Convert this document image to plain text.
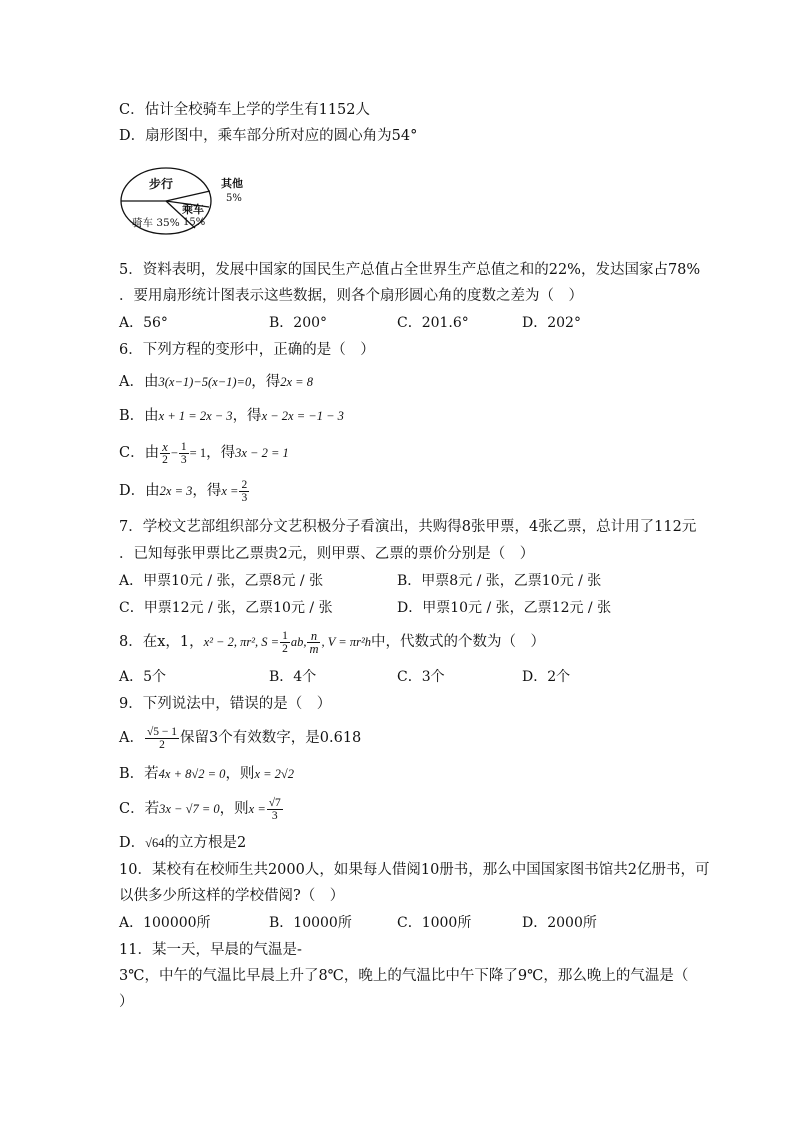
C．估计全校骑车上学的学生有1152人
D．扇形图中，乘车部分所对应的圆心角为54°
步行	其他
5%
乘车
15%
骑车 35%
5．资料表明，发展中国家的国民生产总值占全世界生产总值之和的22%，发达国家占78%
．要用扇形统计图表示这些数据，则各个扇形圆心角的度数之差为（　）
A．56°	B．200°	C．201.6°	D．202°
6．下列方程的变形中，正确的是（　）
A．由3(x−1)−5(x−1)=0，得2x = 8
B．由x + 1 = 2x − 3，得x − 2x = −1 − 3
C．由 $\frac{x}{2} - \frac{1}{3} = 1$，得3x − 2 = 1
D．由2x = 3，得$x = \frac{2}{3}$
7．学校文艺部组织部分文艺积极分子看演出，共购得8张甲票，4张乙票，总计用了112元
．已知每张甲票比乙票贵2元，则甲票、乙票的票价分别是（　）
A．甲票10元 / 张，乙票8元 / 张	B．甲票8元 / 张，乙票10元 / 张
C．甲票12元 / 张，乙票10元 / 张	D．甲票10元 / 张，乙票12元 / 张
8．在x，1，x² − 2, πr², $S = \frac{1}{2}$ ab, $\frac{n}{m}$ , V = πr²h中，代数式的个数为（　）
A．5个	B．4个	C．3个	D．2个
9．下列说法中，错误的是（　）
A． $\frac{√5 - 1}{2}$ 保留3个有效数字，是0.618
B．若4x + 8√2 = 0，则x = 2√2
C．若3x − √7 = 0，则$x = \frac{√7}{3}$
D．√64的立方根是2
10．某校有在校师生共2000人，如果每人借阅10册书，那么中国国家图书馆共2亿册书，可
以供多少所这样的学校借阅?（　）
A．100000所	B．10000所	C．1000所	D．2000所
11．某一天，早晨的气温是-
3℃，中午的气温比早晨上升了8℃，晚上的气温比中午下降了9℃，那么晚上的气温是（
）
